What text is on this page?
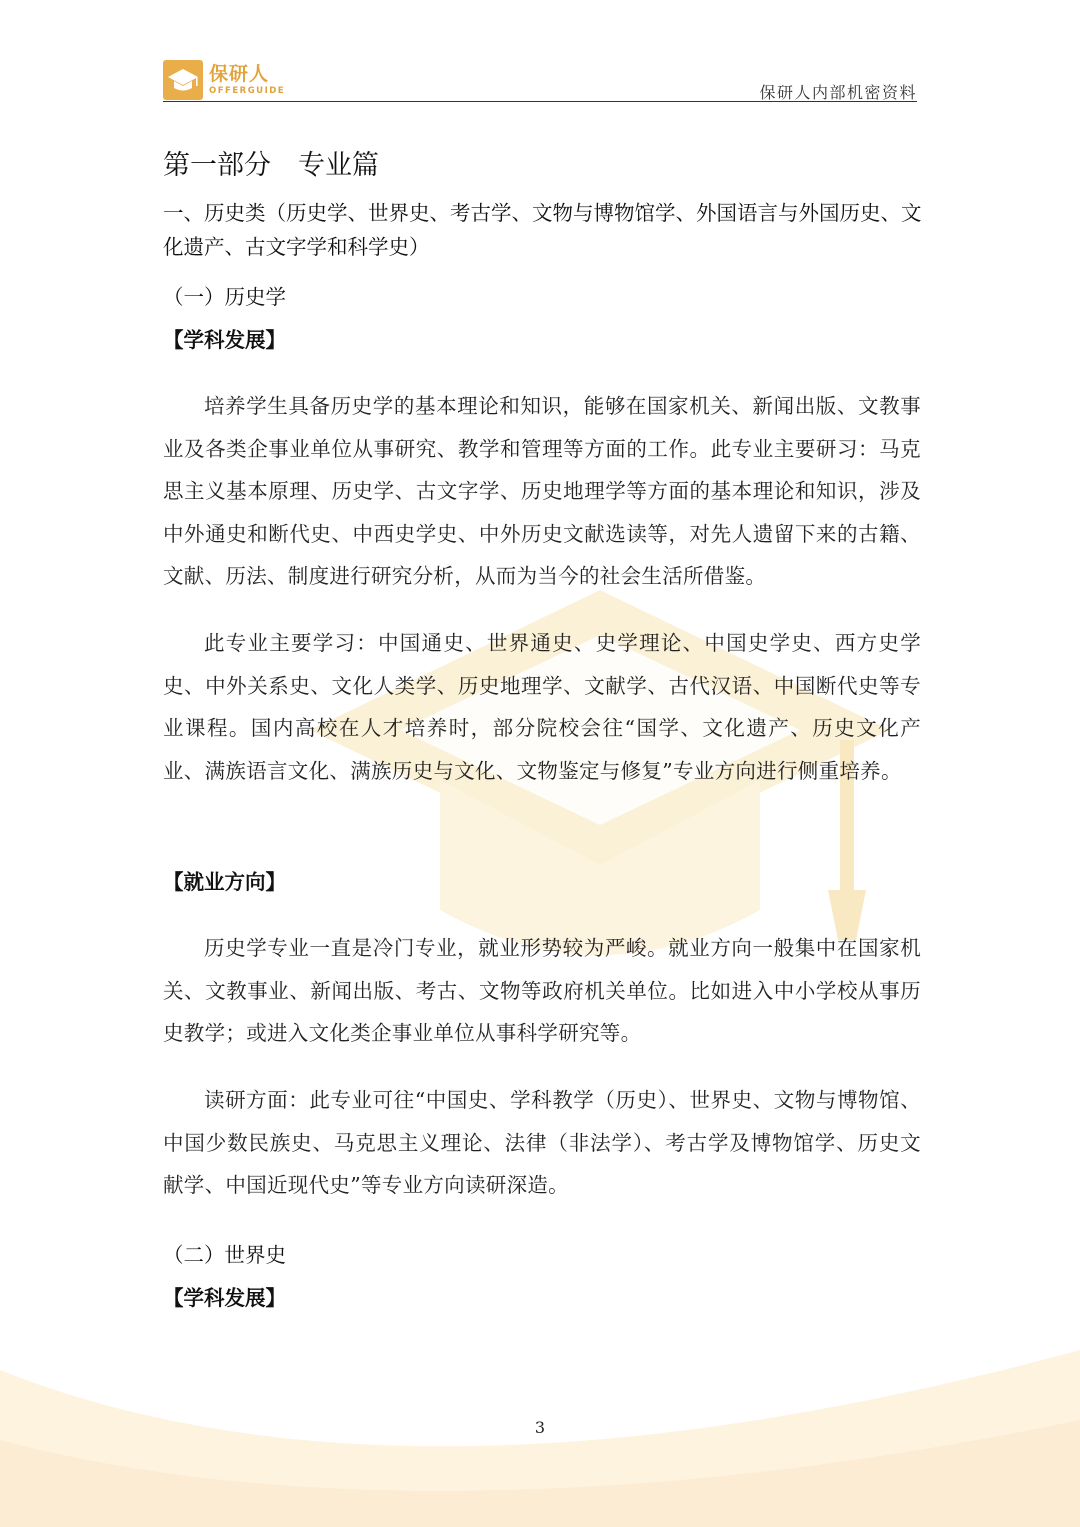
保研人
OFFERGUIDE	保研人内部机密资料
第一部分　专业篇
一、历史类（历史学、世界史、考古学、文物与博物馆学、外国语言与外国历史、文化遗产、古文字学和科学史）
（一）历史学
【学科发展】
培养学生具备历史学的基本理论和知识，能够在国家机关、新闻出版、文教事业及各类企事业单位从事研究、教学和管理等方面的工作。此专业主要研习：马克思主义基本原理、历史学、古文字学、历史地理学等方面的基本理论和知识，涉及中外通史和断代史、中西史学史、中外历史文献选读等，对先人遗留下来的古籍、文献、历法、制度进行研究分析，从而为当今的社会生活所借鉴。
此专业主要学习：中国通史、世界通史、史学理论、中国史学史、西方史学史、中外关系史、文化人类学、历史地理学、文献学、古代汉语、中国断代史等专业课程。国内高校在人才培养时，部分院校会往“国学、文化遗产、历史文化产业、满族语言文化、满族历史与文化、文物鉴定与修复”专业方向进行侧重培养。
【就业方向】
历史学专业一直是冷门专业，就业形势较为严峻。就业方向一般集中在国家机关、文教事业、新闻出版、考古、文物等政府机关单位。比如进入中小学校从事历史教学；或进入文化类企事业单位从事科学研究等。
读研方面：此专业可往“中国史、学科教学（历史）、世界史、文物与博物馆、中国少数民族史、马克思主义理论、法律（非法学）、考古学及博物馆学、历史文献学、中国近现代史”等专业方向读研深造。
（二）世界史
【学科发展】
3
